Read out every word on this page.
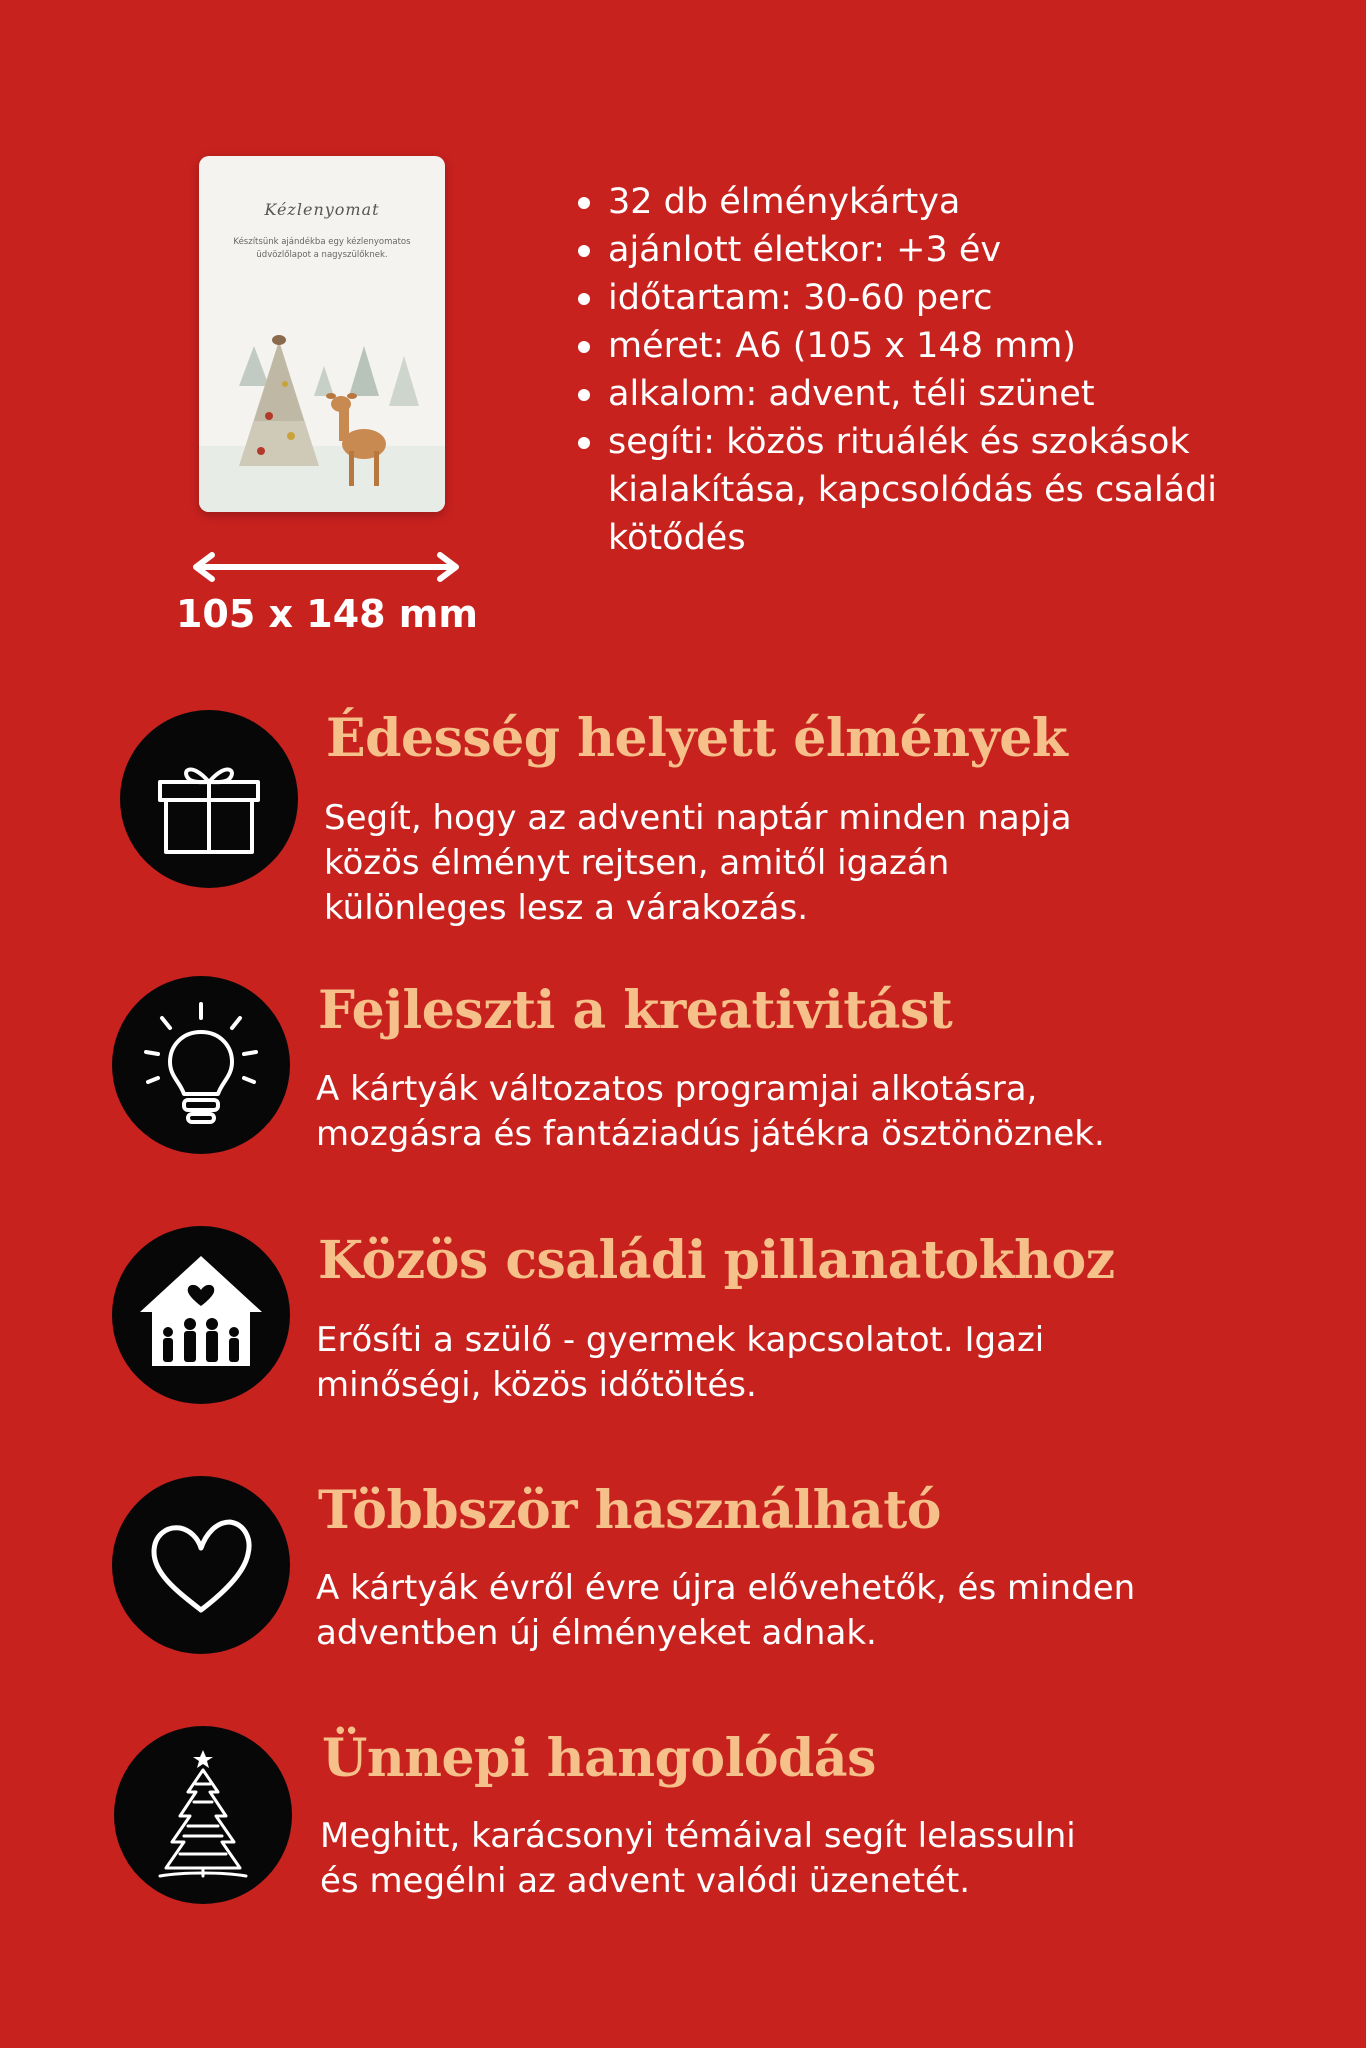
Kézlenyomat
Készítsünk ajándékba egy kézlenyomatos üdvözlőlapot a nagyszülőknek.
105 x 148 mm
32 db élménykártya
ajánlott életkor: +3 év
időtartam: 30-60 perc
méret: A6 (105 x 148 mm)
alkalom: advent, téli szünet
segíti: közös rituálék és szokások kialakítása, kapcsolódás és családi kötődés
Édesség helyett élmények
Segít, hogy az adventi naptár minden napja
közös élményt rejtsen, amitől igazán
különleges lesz a várakozás.
Fejleszti a kreativitást
A kártyák változatos programjai alkotásra,
mozgásra és fantáziadús játékra ösztönöznek.
Közös családi pillanatokhoz
Erősíti a szülő - gyermek kapcsolatot. Igazi
minőségi, közös időtöltés.
Többször használható
A kártyák évről évre újra elővehetők, és minden
adventben új élményeket adnak.
Ünnepi hangolódás
Meghitt, karácsonyi témáival segít lelassulni
és megélni az advent valódi üzenetét.
